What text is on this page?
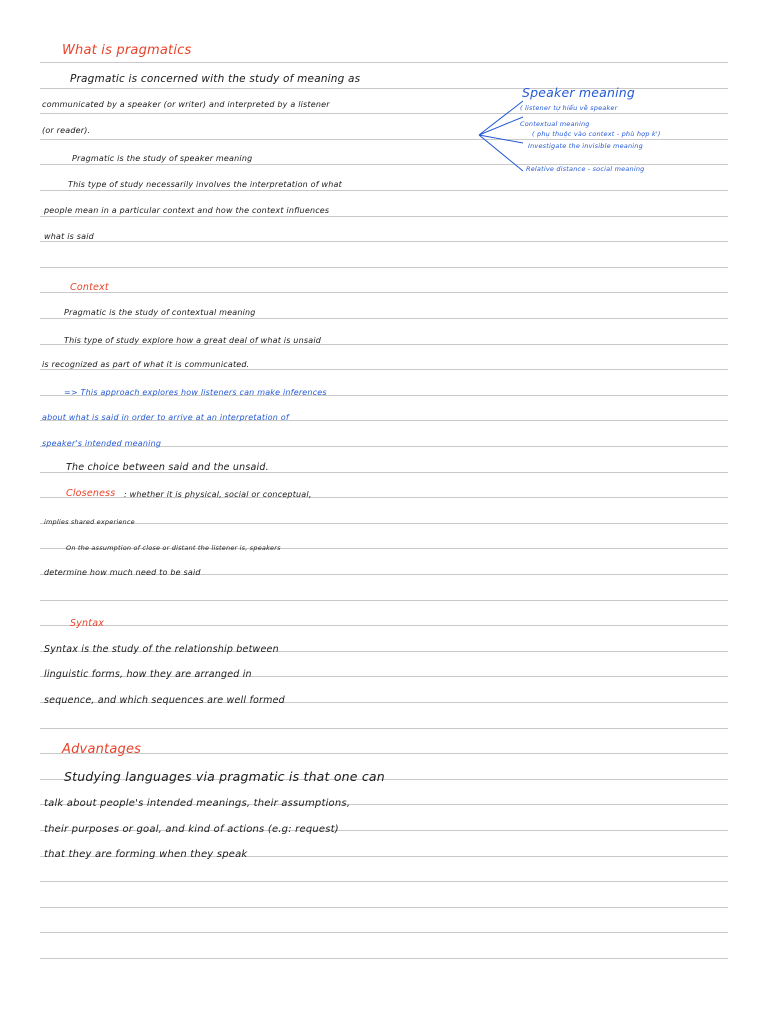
What is pragmatics
Pragmatic is concerned with the study of meaning as
communicated by a speaker (or writer) and interpreted by a listener
(or reader).
Pragmatic is the study of speaker meaning
This type of study necessarily involves the interpretation of what
people mean in a particular context and how the context influences
what is said
Speaker meaning
( listener tự hiểu về speaker
Contextual meaning
( phụ thuộc vào context - phù hợp k')
Investigate the invisible meaning
Relative distance - social meaning
Context
Pragmatic is the study of contextual meaning
This type of study explore how a great deal of what is unsaid
is recognized as part of what it is communicated.
=> This approach explores how listeners can make inferences
about what is said in order to arrive at an interpretation of
speaker's intended meaning
The choice between said and the unsaid.
Closeness : whether it is physical, social or conceptual,
implies shared experience
On the assumption of close or distant the listener is, speakers
determine how much need to be said
Syntax
Syntax is the study of the relationship between
linguistic forms, how they are arranged in
sequence, and which sequences are well formed
Advantages
Studying languages via pragmatic is that one can
talk about people's intended meanings, their assumptions,
their purposes or goal, and kind of actions (e.g: request)
that they are forming when they speak
